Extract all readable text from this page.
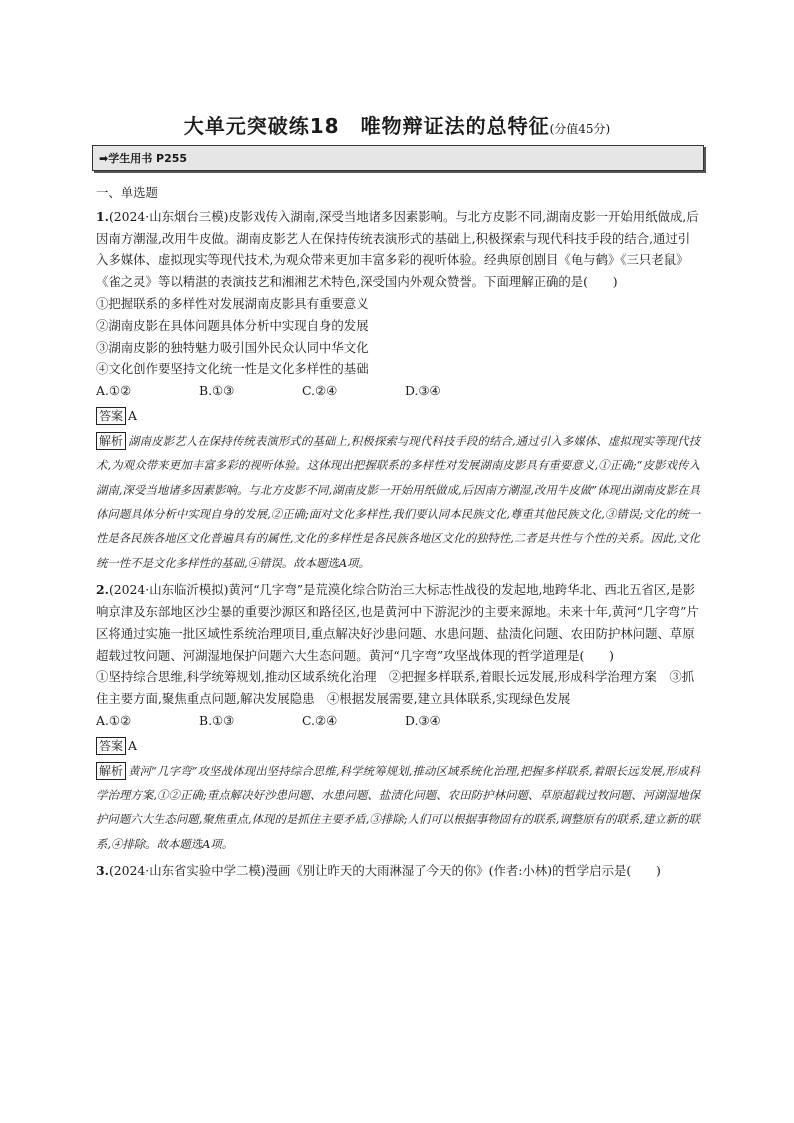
大单元突破练18　唯物辩证法的总特征(分值45分)
➡学生用书 P255

一、单选题

1.(2024·山东烟台三模)皮影戏传入湖南,深受当地诸多因素影响。与北方皮影不同,湖南皮影一开始用纸做成,后因南方潮湿,改用牛皮做。湖南皮影艺人在保持传统表演形式的基础上,积极探索与现代科技手段的结合,通过引入多媒体、虚拟现实等现代技术,为观众带来更加丰富多彩的视听体验。经典原创剧目《龟与鹤》《三只老鼠》《雀之灵》等以精湛的表演技艺和湘湘艺术特色,深受国内外观众赞誉。下面理解正确的是(　　)

①把握联系的多样性对发展湖南皮影具有重要意义

②湖南皮影在具体问题具体分析中实现自身的发展

③湖南皮影的独特魅力吸引国外民众认同中华文化

④文化创作要坚持文化统一性是文化多样性的基础

A.①②	B.①③	C.②④	D.③④

答案 A

解析 湖南皮影艺人在保持传统表演形式的基础上,积极探索与现代科技手段的结合,通过引入多媒体、虚拟现实等现代技术,为观众带来更加丰富多彩的视听体验。这体现出把握联系的多样性对发展湖南皮影具有重要意义,①正确;“皮影戏传入湖南,深受当地诸多因素影响。与北方皮影不同,湖南皮影一开始用纸做成,后因南方潮湿,改用牛皮做”体现出湖南皮影在具体问题具体分析中实现自身的发展,②正确;面对文化多样性,我们要认同本民族文化,尊重其他民族文化,③错误;文化的统一性是各民族各地区文化普遍具有的属性,文化的多样性是各民族各地区文化的独特性,二者是共性与个性的关系。因此,文化统一性不是文化多样性的基础,④错误。故本题选A项。

2.(2024·山东临沂模拟)黄河“几字弯”是荒漠化综合防治三大标志性战役的发起地,地跨华北、西北五省区,是影响京津及东部地区沙尘暴的重要沙源区和路径区,也是黄河中下游泥沙的主要来源地。未来十年,黄河“几字弯”片区将通过实施一批区域性系统治理项目,重点解决好沙患问题、水患问题、盐渍化问题、农田防护林问题、草原超载过牧问题、河湖湿地保护问题六大生态问题。黄河“几字弯”攻坚战体现的哲学道理是(　　)

①坚持综合思维,科学统筹规划,推动区域系统化治理　②把握多样联系,着眼长远发展,形成科学治理方案　③抓住主要方面,聚焦重点问题,解决发展隐患　④根据发展需要,建立具体联系,实现绿色发展

A.①②	B.①③	C.②④	D.③④

答案 A

解析 黄河“几字弯”攻坚战体现出坚持综合思维,科学统筹规划,推动区域系统化治理,把握多样联系,着眼长远发展,形成科学治理方案,①②正确;重点解决好沙患问题、水患问题、盐渍化问题、农田防护林问题、草原超载过牧问题、河湖湿地保护问题六大生态问题,聚焦重点,体现的是抓住主要矛盾,③排除;人们可以根据事物固有的联系,调整原有的联系,建立新的联系,④排除。故本题选A项。

3.(2024·山东省实验中学二模)漫画《别让昨天的大雨淋湿了今天的你》(作者:小林)的哲学启示是(　　)
